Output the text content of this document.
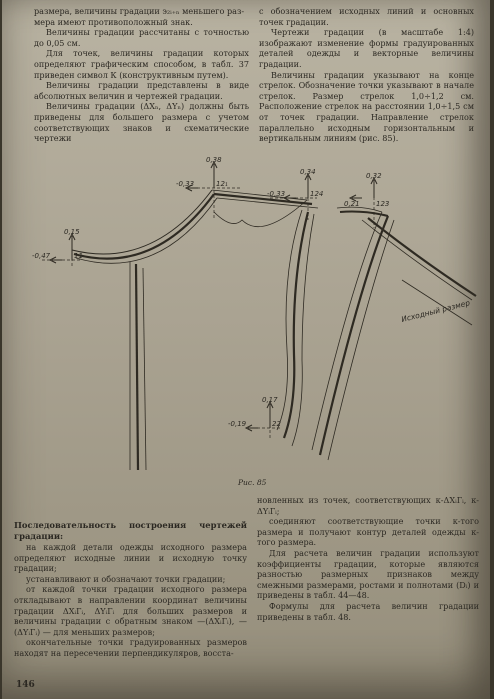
размера, величины градации э₂ᵢ₊ₙ меньшего раз-

мера имеют противоположный знак.

Величины градации рассчитаны с точностью до 0,05 см.

Для точек, величины градации которых определяют графическим способом, в табл. 37 приведен символ К (конструктивным путем).

Величины градации представлены в виде абсолютных величин и чертежей градации.

Величины градации (ΔXₙ, ΔYₙ) должны быть приведены для большего размера с учетом соответствующих знаков и схематические чертежи

с обозначением исходных линий и основных точек градации.

Чертежи градации (в масштабе 1:4) изображают изменение формы градуированных деталей одежды и векторные величины градации.

Величины градации указывают на конце стрелок. Обозначение точки указывают в начале стрелок. Размер стрелок 1,0÷1,2 см. Расположение стрелок на расстоянии 1,0÷1,5 см от точек градации. Направление стрелок параллельно исходным горизонтальным и вертикальным линиям (рис. 85).

0,38
-0,33	12₁
0,34
-0,33	124
0,32
0,21 123
0,15
-0,47	11
0,17
-0,19	22
Исходный размер
Рис. 85

Последовательность построения чертежей градации:

на каждой детали одежды исходного размера определяют исходные линии и исходную точку градации;

устанавливают и обозначают точки градации;

от каждой точки градации исходного размера откладывают в направлении координат величины градации ΔXᵢГᵢ, ΔYᵢГᵢ для больших размеров и величины градации с обратным знаком —(ΔXᵢГᵢ), —(ΔYᵢГᵢ) — для меньших размеров;

окончательные точки градуированных размеров находят на пересечении перпендикуляров, восста-

новленных из точек, соответствующих к-ΔXᵢГᵢ, к-ΔYᵢГᵢ;

соединяют соответствующие точки к-того размера и получают контур деталей одежды к-того размера.

Для расчета величин градации используют коэффициенты градации, которые являются разностью размерных признаков между смежными размерами, ростами и полнотами (Dᵢ) и приведены в табл. 44—48.

Формулы для расчета величин градации приведены в табл. 48.

146
